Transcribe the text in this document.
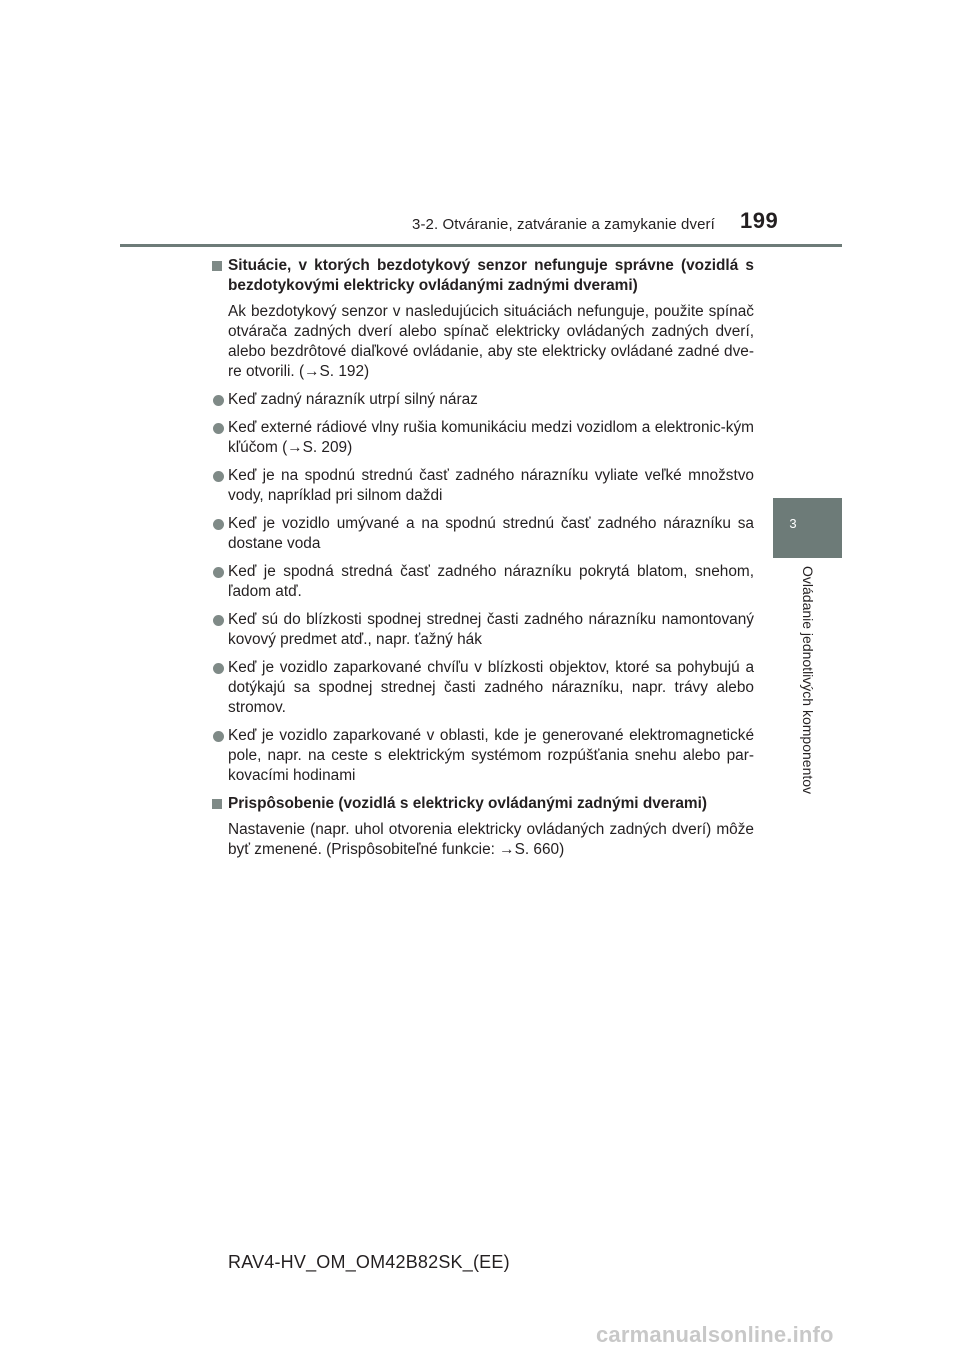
3-2. Otváranie, zatváranie a zamykanie dverí 199
3
Ovládanie jednotlivých komponentov
Situácie, v ktorých bezdotykový senzor nefunguje správne (vozidlá s bezdotykovými elektricky ovládanými zadnými dverami)
Ak bezdotykový senzor v nasledujúcich situáciách nefunguje, použite spínač otvárača zadných dverí alebo spínač elektricky ovládaných zadných dverí, alebo bezdrôtové diaľkové ovládanie, aby ste elektricky ovládané zadné dve-re otvorili. (→S. 192)
Keď zadný nárazník utrpí silný náraz
Keď externé rádiové vlny rušia komunikáciu medzi vozidlom a elektronic-kým kľúčom (→S. 209)
Keď je na spodnú strednú časť zadného nárazníku vyliate veľké množstvo vody, napríklad pri silnom daždi
Keď je vozidlo umývané a na spodnú strednú časť zadného nárazníku sa dostane voda
Keď je spodná stredná časť zadného nárazníku pokrytá blatom, snehom, ľadom atď.
Keď sú do blízkosti spodnej strednej časti zadného nárazníku namontovaný kovový predmet atď., napr. ťažný hák
Keď je vozidlo zaparkované chvíľu v blízkosti objektov, ktoré sa pohybujú a dotýkajú sa spodnej strednej časti zadného nárazníku, napr. trávy alebo stromov.
Keď je vozidlo zaparkované v oblasti, kde je generované elektromagnetické pole, napr. na ceste s elektrickým systémom rozpúšťania snehu alebo par-kovacími hodinami
Prispôsobenie (vozidlá s elektricky ovládanými zadnými dverami)
Nastavenie (napr. uhol otvorenia elektricky ovládaných zadných dverí) môže byť zmenené. (Prispôsobiteľné funkcie: →S. 660)
RAV4-HV_OM_OM42B82SK_(EE)
carmanualsonline.info
